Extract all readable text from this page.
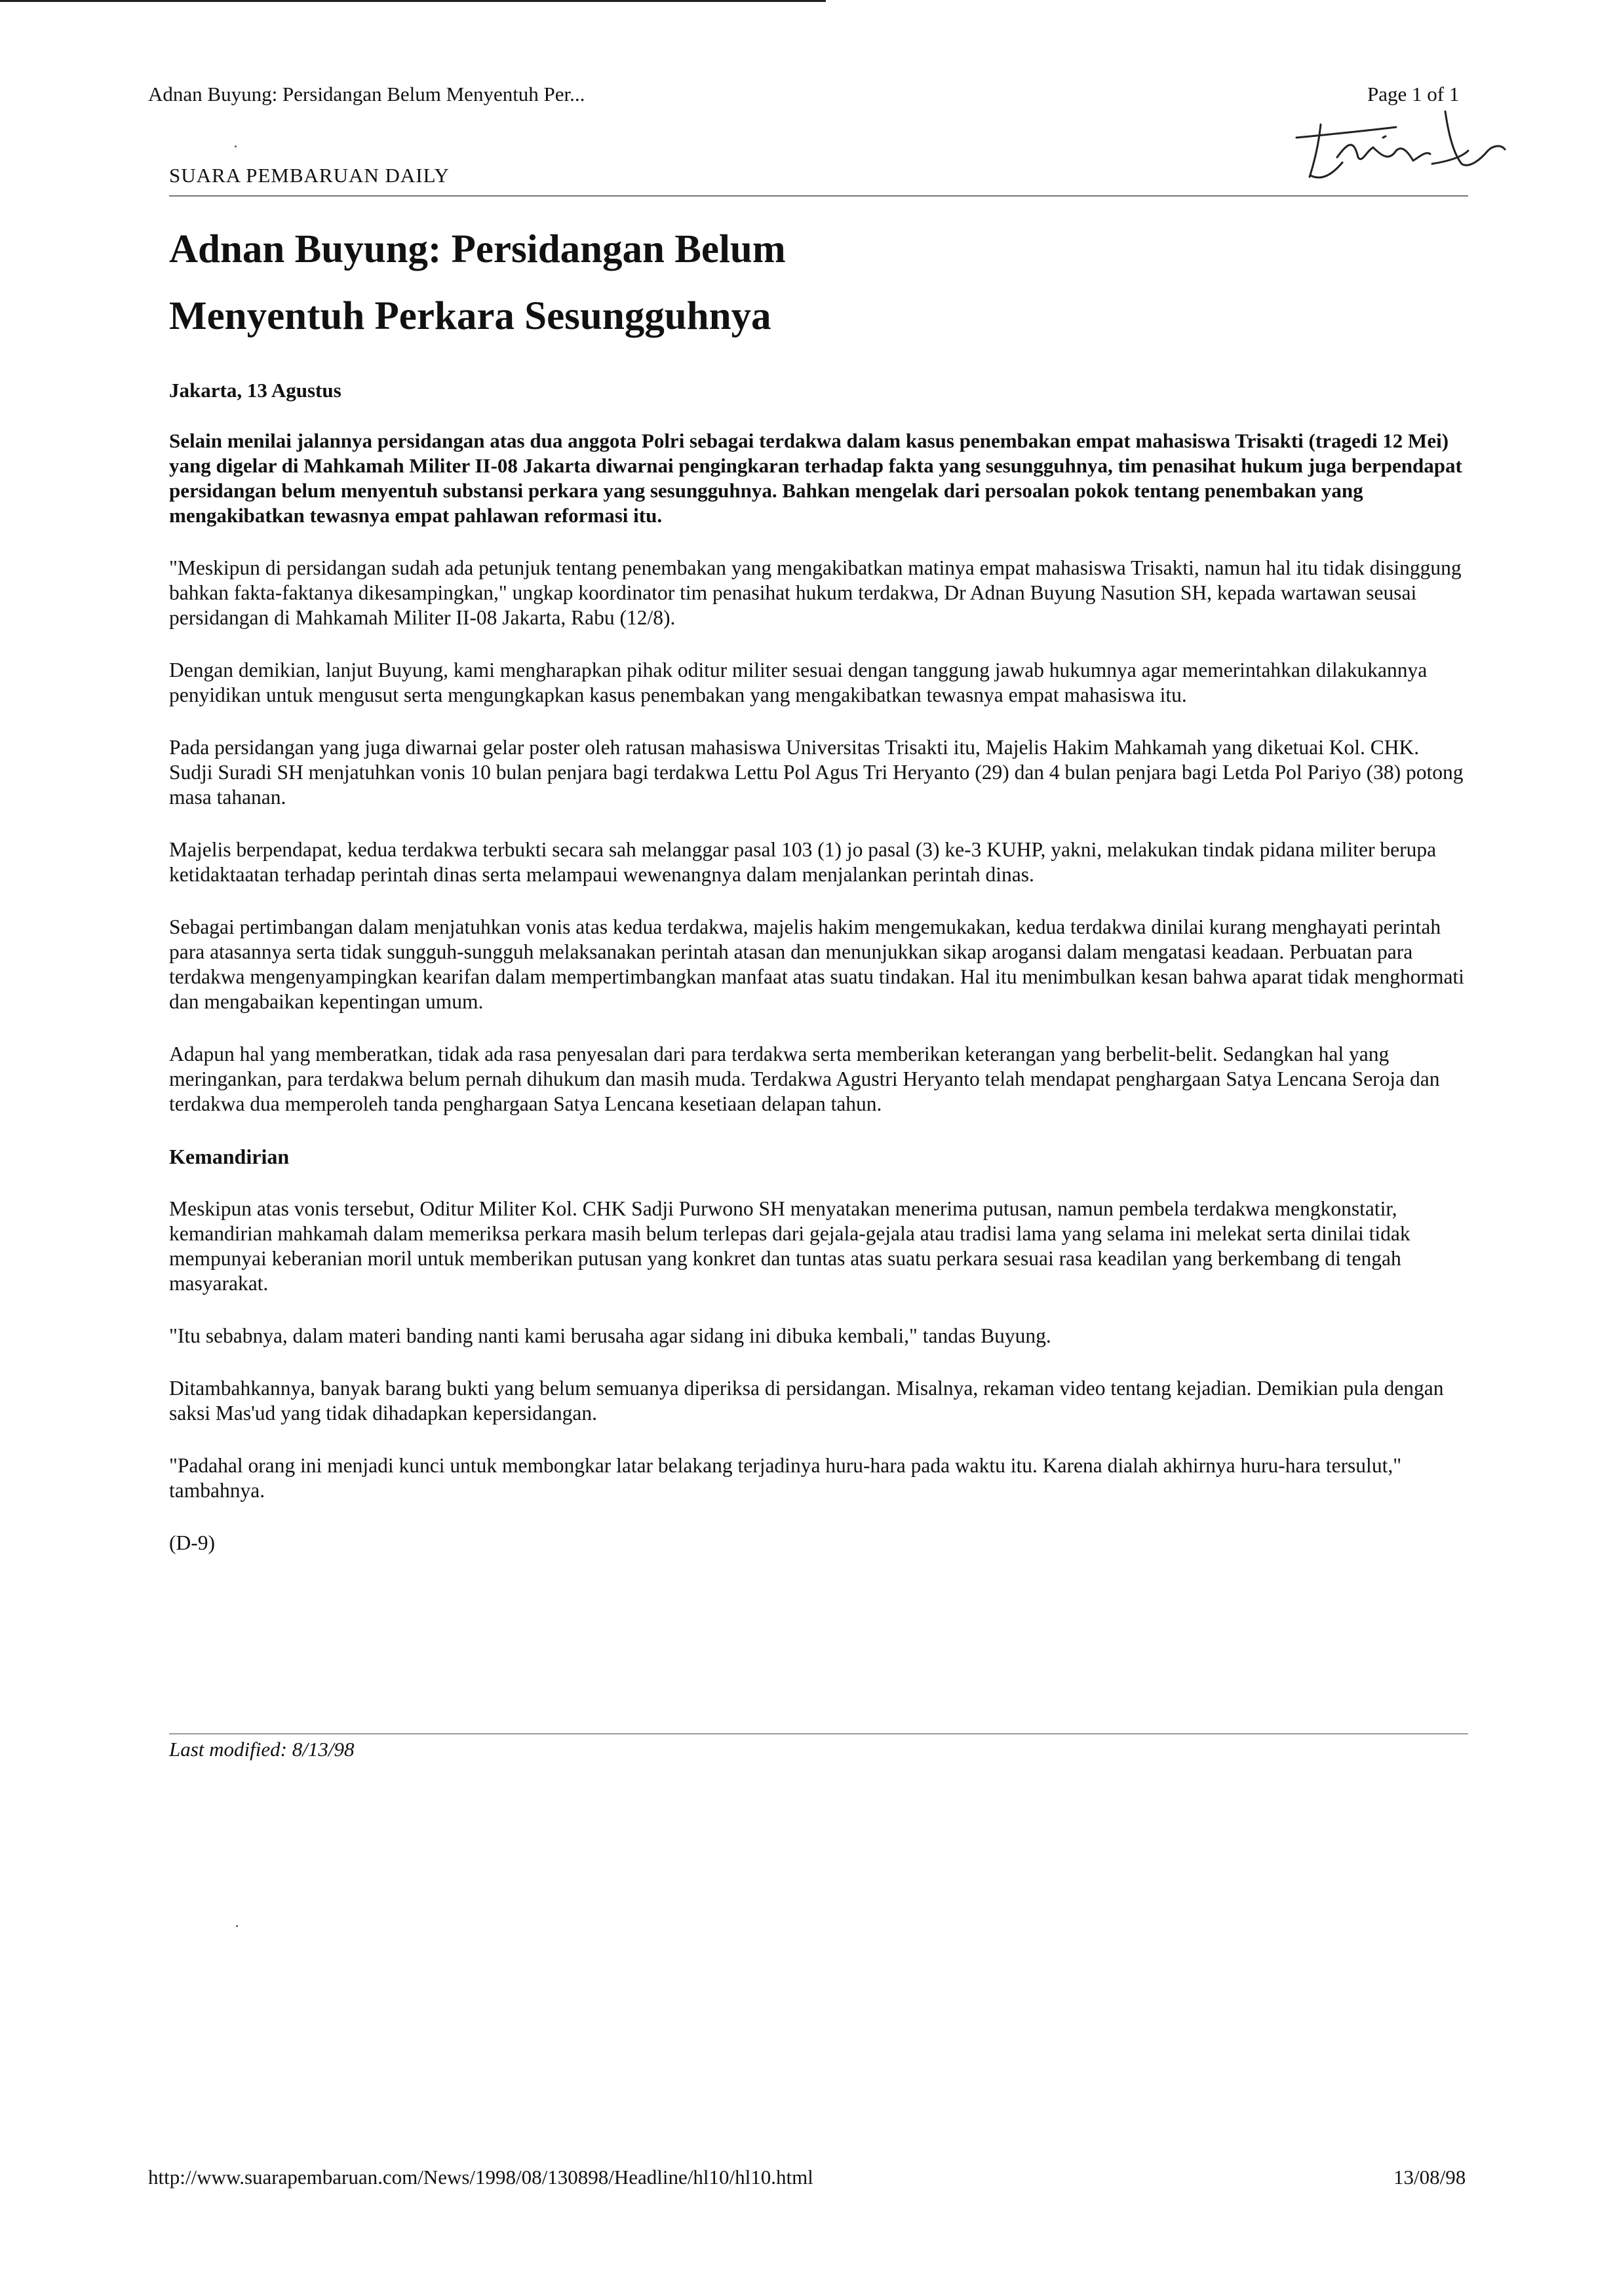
Adnan Buyung: Persidangan Belum Menyentuh Per...	Page 1 of 1
SUARA PEMBARUAN DAILY
Adnan Buyung: Persidangan Belum
Menyentuh Perkara Sesungguhnya
Jakarta, 13 Agustus

Selain menilai jalannya persidangan atas dua anggota Polri sebagai terdakwa dalam kasus penembakan empat mahasiswa Trisakti (tragedi 12 Mei) yang digelar di Mahkamah Militer II-08 Jakarta diwarnai pengingkaran terhadap fakta yang sesungguhnya, tim penasihat hukum juga berpendapat persidangan belum menyentuh substansi perkara yang sesungguhnya. Bahkan mengelak dari persoalan pokok tentang penembakan yang mengakibatkan tewasnya empat pahlawan reformasi itu.

"Meskipun di persidangan sudah ada petunjuk tentang penembakan yang mengakibatkan matinya empat mahasiswa Trisakti, namun hal itu tidak disinggung bahkan fakta-faktanya dikesampingkan," ungkap koordinator tim penasihat hukum terdakwa, Dr Adnan Buyung Nasution SH, kepada wartawan seusai persidangan di Mahkamah Militer II-08 Jakarta, Rabu (12/8).

Dengan demikian, lanjut Buyung, kami mengharapkan pihak oditur militer sesuai dengan tanggung jawab hukumnya agar memerintahkan dilakukannya penyidikan untuk mengusut serta mengungkapkan kasus penembakan yang mengakibatkan tewasnya empat mahasiswa itu.

Pada persidangan yang juga diwarnai gelar poster oleh ratusan mahasiswa Universitas Trisakti itu, Majelis Hakim Mahkamah yang diketuai Kol. CHK. Sudji Suradi SH menjatuhkan vonis 10 bulan penjara bagi terdakwa Lettu Pol Agus Tri Heryanto (29) dan 4 bulan penjara bagi Letda Pol Pariyo (38) potong masa tahanan.

Majelis berpendapat, kedua terdakwa terbukti secara sah melanggar pasal 103 (1) jo pasal (3) ke-3 KUHP, yakni, melakukan tindak pidana militer berupa ketidaktaatan terhadap perintah dinas serta melampaui wewenangnya dalam menjalankan perintah dinas.

Sebagai pertimbangan dalam menjatuhkan vonis atas kedua terdakwa, majelis hakim mengemukakan, kedua terdakwa dinilai kurang menghayati perintah para atasannya serta tidak sungguh-sungguh melaksanakan perintah atasan dan menunjukkan sikap arogansi dalam mengatasi keadaan. Perbuatan para terdakwa mengenyampingkan kearifan dalam mempertimbangkan manfaat atas suatu tindakan. Hal itu menimbulkan kesan bahwa aparat tidak menghormati dan mengabaikan kepentingan umum.

Adapun hal yang memberatkan, tidak ada rasa penyesalan dari para terdakwa serta memberikan keterangan yang berbelit-belit. Sedangkan hal yang meringankan, para terdakwa belum pernah dihukum dan masih muda. Terdakwa Agustri Heryanto telah mendapat penghargaan Satya Lencana Seroja dan terdakwa dua memperoleh tanda penghargaan Satya Lencana kesetiaan delapan tahun.

Kemandirian

Meskipun atas vonis tersebut, Oditur Militer Kol. CHK Sadji Purwono SH menyatakan menerima putusan, namun pembela terdakwa mengkonstatir, kemandirian mahkamah dalam memeriksa perkara masih belum terlepas dari gejala-gejala atau tradisi lama yang selama ini melekat serta dinilai tidak mempunyai keberanian moril untuk memberikan putusan yang konkret dan tuntas atas suatu perkara sesuai rasa keadilan yang berkembang di tengah masyarakat.

"Itu sebabnya, dalam materi banding nanti kami berusaha agar sidang ini dibuka kembali," tandas Buyung.

Ditambahkannya, banyak barang bukti yang belum semuanya diperiksa di persidangan. Misalnya, rekaman video tentang kejadian. Demikian pula dengan saksi Mas'ud yang tidak dihadapkan kepersidangan.

"Padahal orang ini menjadi kunci untuk membongkar latar belakang terjadinya huru-hara pada waktu itu. Karena dialah akhirnya huru-hara tersulut," tambahnya.

(D-9)

Last modified: 8/13/98
http://www.suarapembaruan.com/News/1998/08/130898/Headline/hl10/hl10.html	13/08/98
